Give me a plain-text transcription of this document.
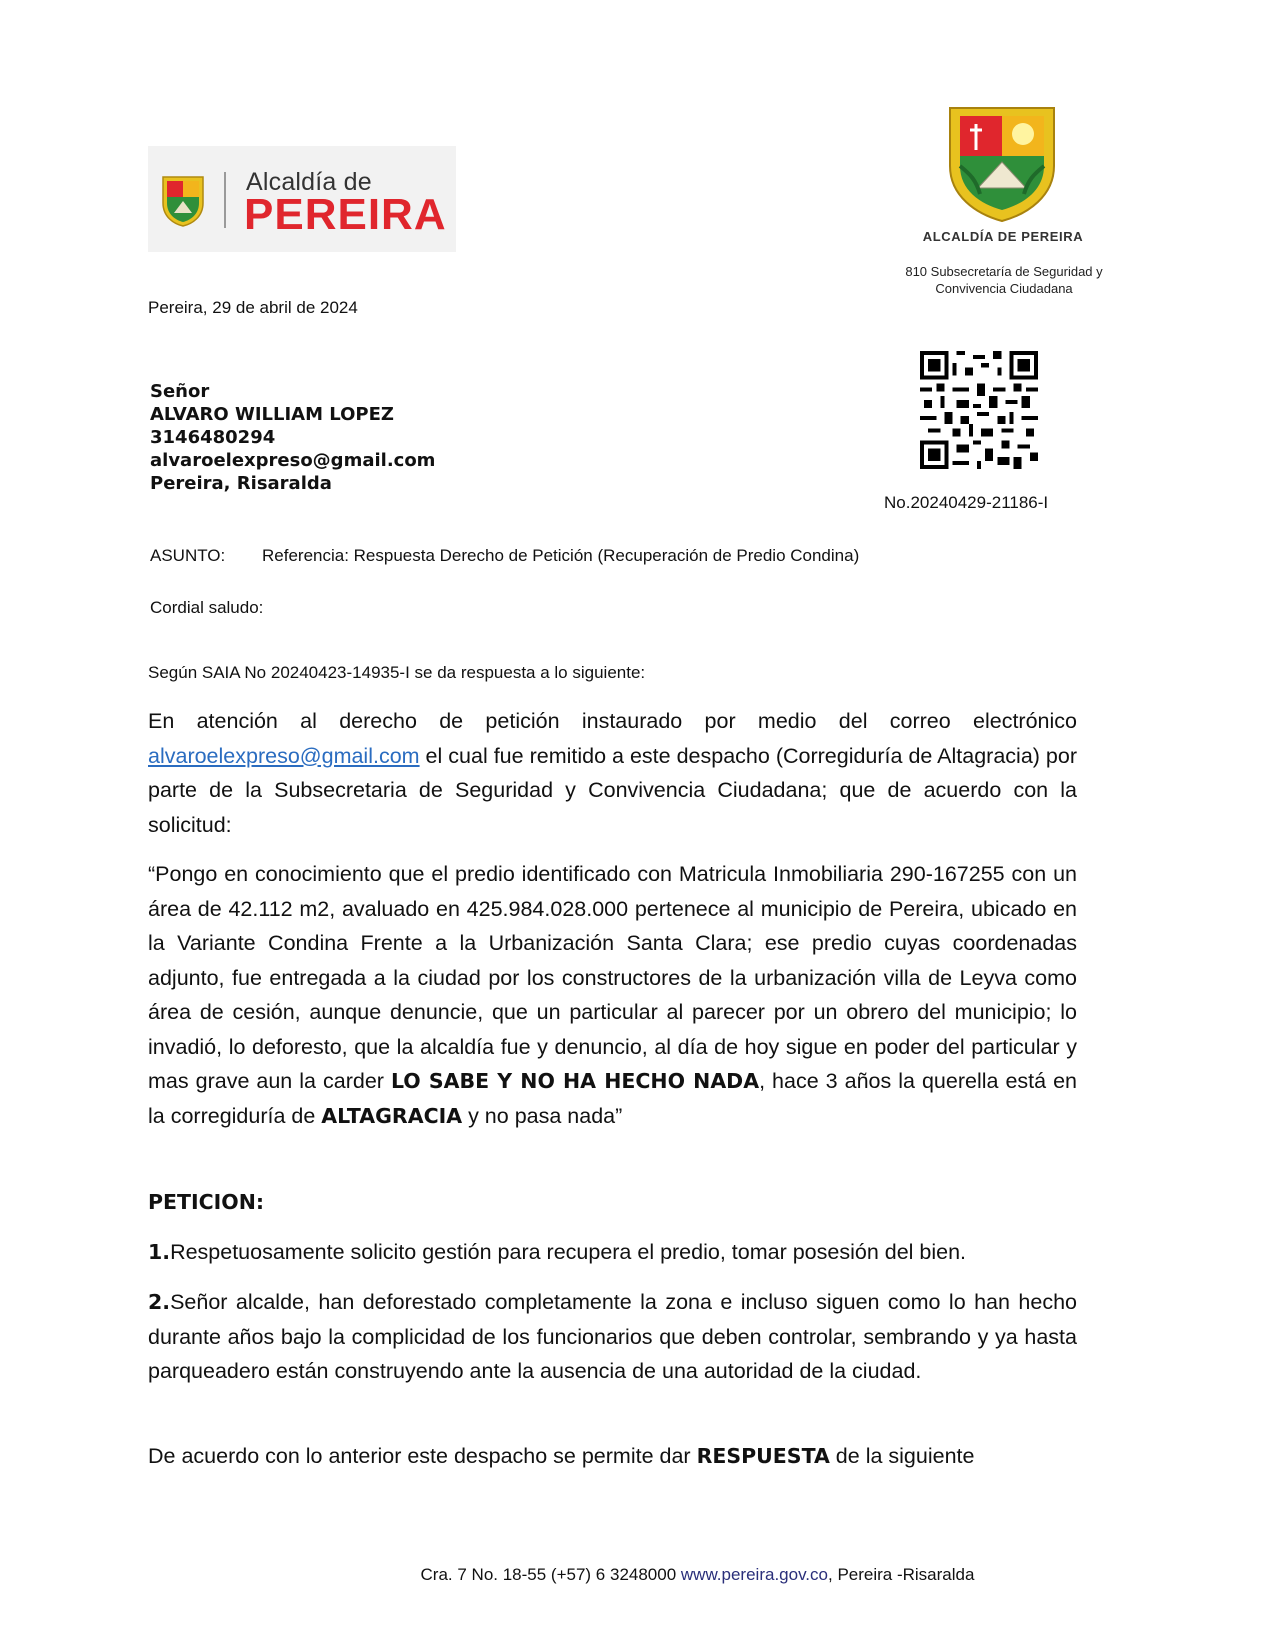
Alcaldía de
PEREIRA	ALCALDÍA DE PEREIRA
810 Subsecretaría de Seguridad y
Convivencia Ciudadana
Pereira, 29 de abril de 2024
Señor
ALVARO WILLIAM LOPEZ
3146480294
alvaroelexpreso@gmail.com
Pereira, Risaralda
No.20240429-21186-I
ASUNTO: Referencia: Respuesta Derecho de Petición (Recuperación de Predio Condina)
Cordial saludo:
Según SAIA No 20240423-14935-I se da respuesta a lo siguiente:
En atención al derecho de petición instaurado por medio del correo electrónico alvaroelexpreso@gmail.com el cual fue remitido a este despacho (Corregiduría de Altagracia) por parte de la Subsecretaria de Seguridad y Convivencia Ciudadana; que de acuerdo con la solicitud:
“Pongo en conocimiento que el predio identificado con Matricula Inmobiliaria 290-167255 con un área de 42.112 m2, avaluado en 425.984.028.000 pertenece al municipio de Pereira, ubicado en la Variante Condina Frente a la Urbanización Santa Clara; ese predio cuyas coordenadas adjunto, fue entregada a la ciudad por los constructores de la urbanización villa de Leyva como área de cesión, aunque denuncie, que un particular al parecer por un obrero del municipio; lo invadió, lo deforesto, que la alcaldía fue y denuncio, al día de hoy sigue en poder del particular y mas grave aun la carder LO SABE Y NO HA HECHO NADA, hace 3 años la querella está en la corregiduría de ALTAGRACIA y no pasa nada”
PETICION:
1.Respetuosamente solicito gestión para recupera el predio, tomar posesión del bien.
2.Señor alcalde, han deforestado completamente la zona e incluso siguen como lo han hecho durante años bajo la complicidad de los funcionarios que deben controlar, sembrando y ya hasta parqueadero están construyendo ante la ausencia de una autoridad de la ciudad.
De acuerdo con lo anterior este despacho se permite dar RESPUESTA de la siguiente
Cra. 7 No. 18-55 (+57) 6 3248000 www.pereira.gov.co, Pereira -Risaralda
